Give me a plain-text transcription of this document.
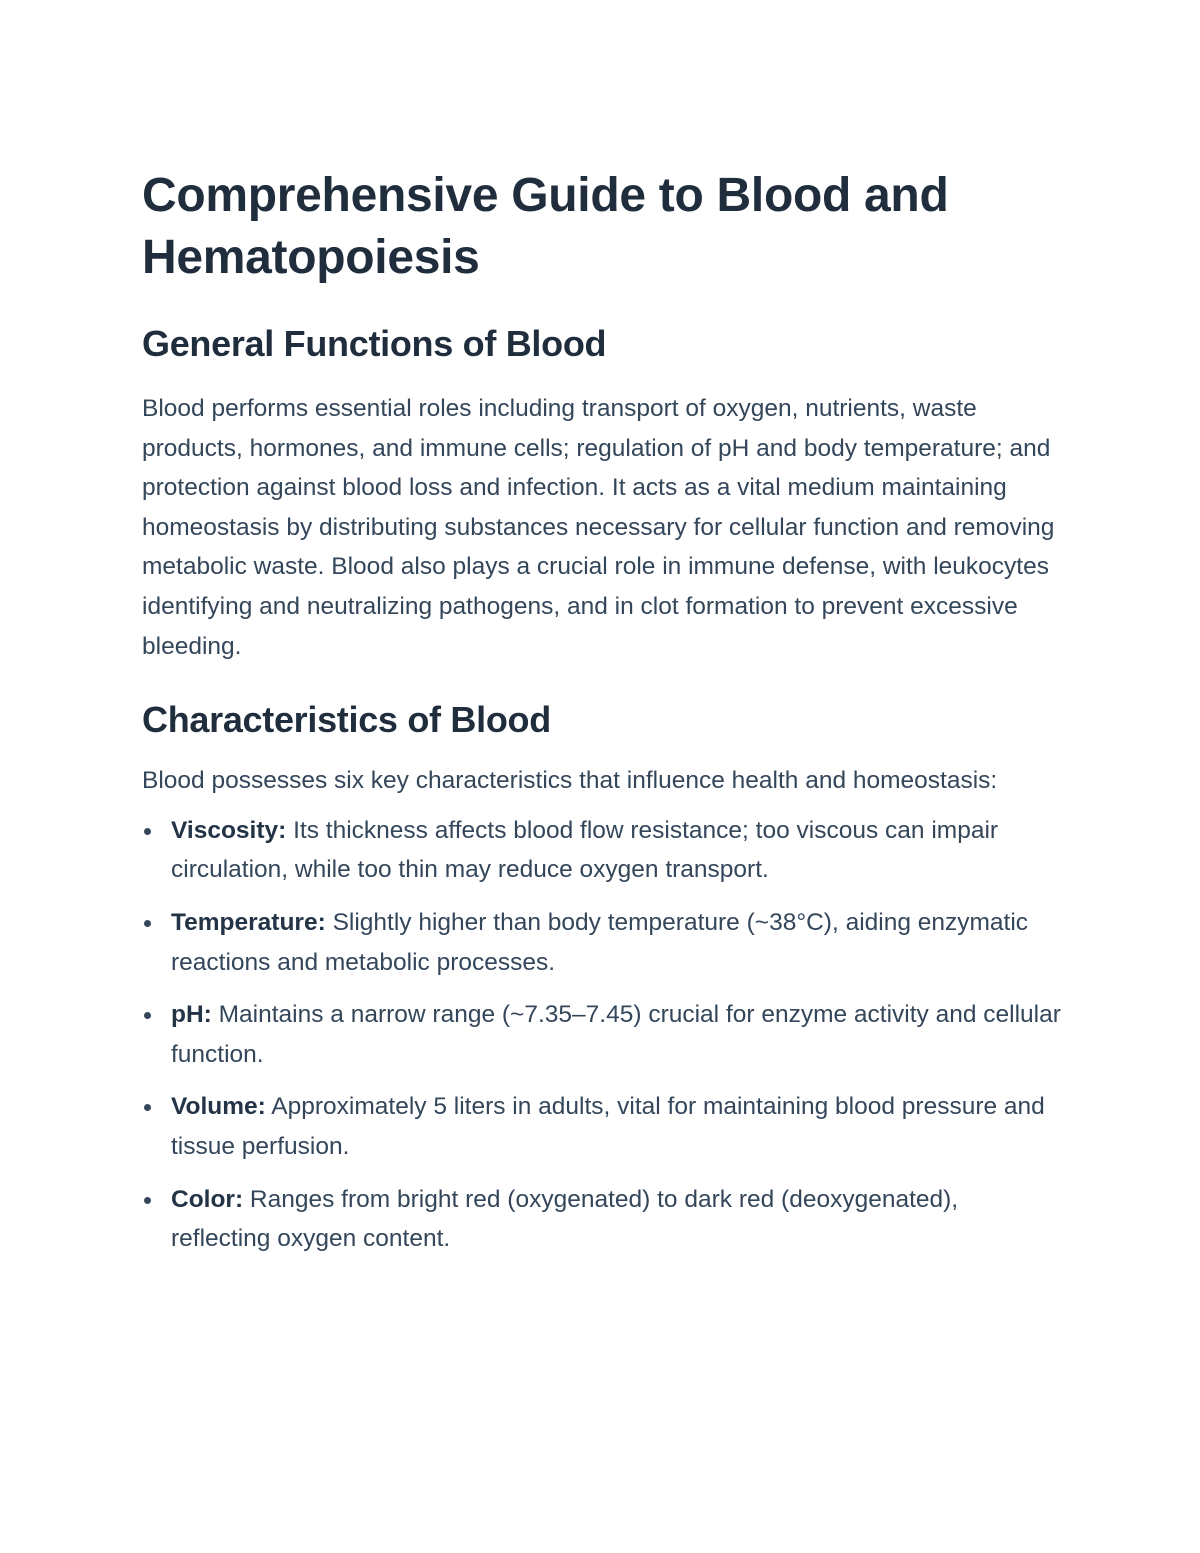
Comprehensive Guide to Blood and Hematopoiesis
General Functions of Blood

Blood performs essential roles including transport of oxygen, nutrients, waste products, hormones, and immune cells; regulation of pH and body temperature; and protection against blood loss and infection. It acts as a vital medium maintaining homeostasis by distributing substances necessary for cellular function and removing metabolic waste. Blood also plays a crucial role in immune defense, with leukocytes identifying and neutralizing pathogens, and in clot formation to prevent excessive bleeding.

Characteristics of Blood

Blood possesses six key characteristics that influence health and homeostasis:

Viscosity: Its thickness affects blood flow resistance; too viscous can impair circulation, while too thin may reduce oxygen transport.
Temperature: Slightly higher than body temperature (~38°C), aiding enzymatic reactions and metabolic processes.
pH: Maintains a narrow range (~7.35–7.45) crucial for enzyme activity and cellular function.
Volume: Approximately 5 liters in adults, vital for maintaining blood pressure and tissue perfusion.
Color: Ranges from bright red (oxygenated) to dark red (deoxygenated), reflecting oxygen content.
